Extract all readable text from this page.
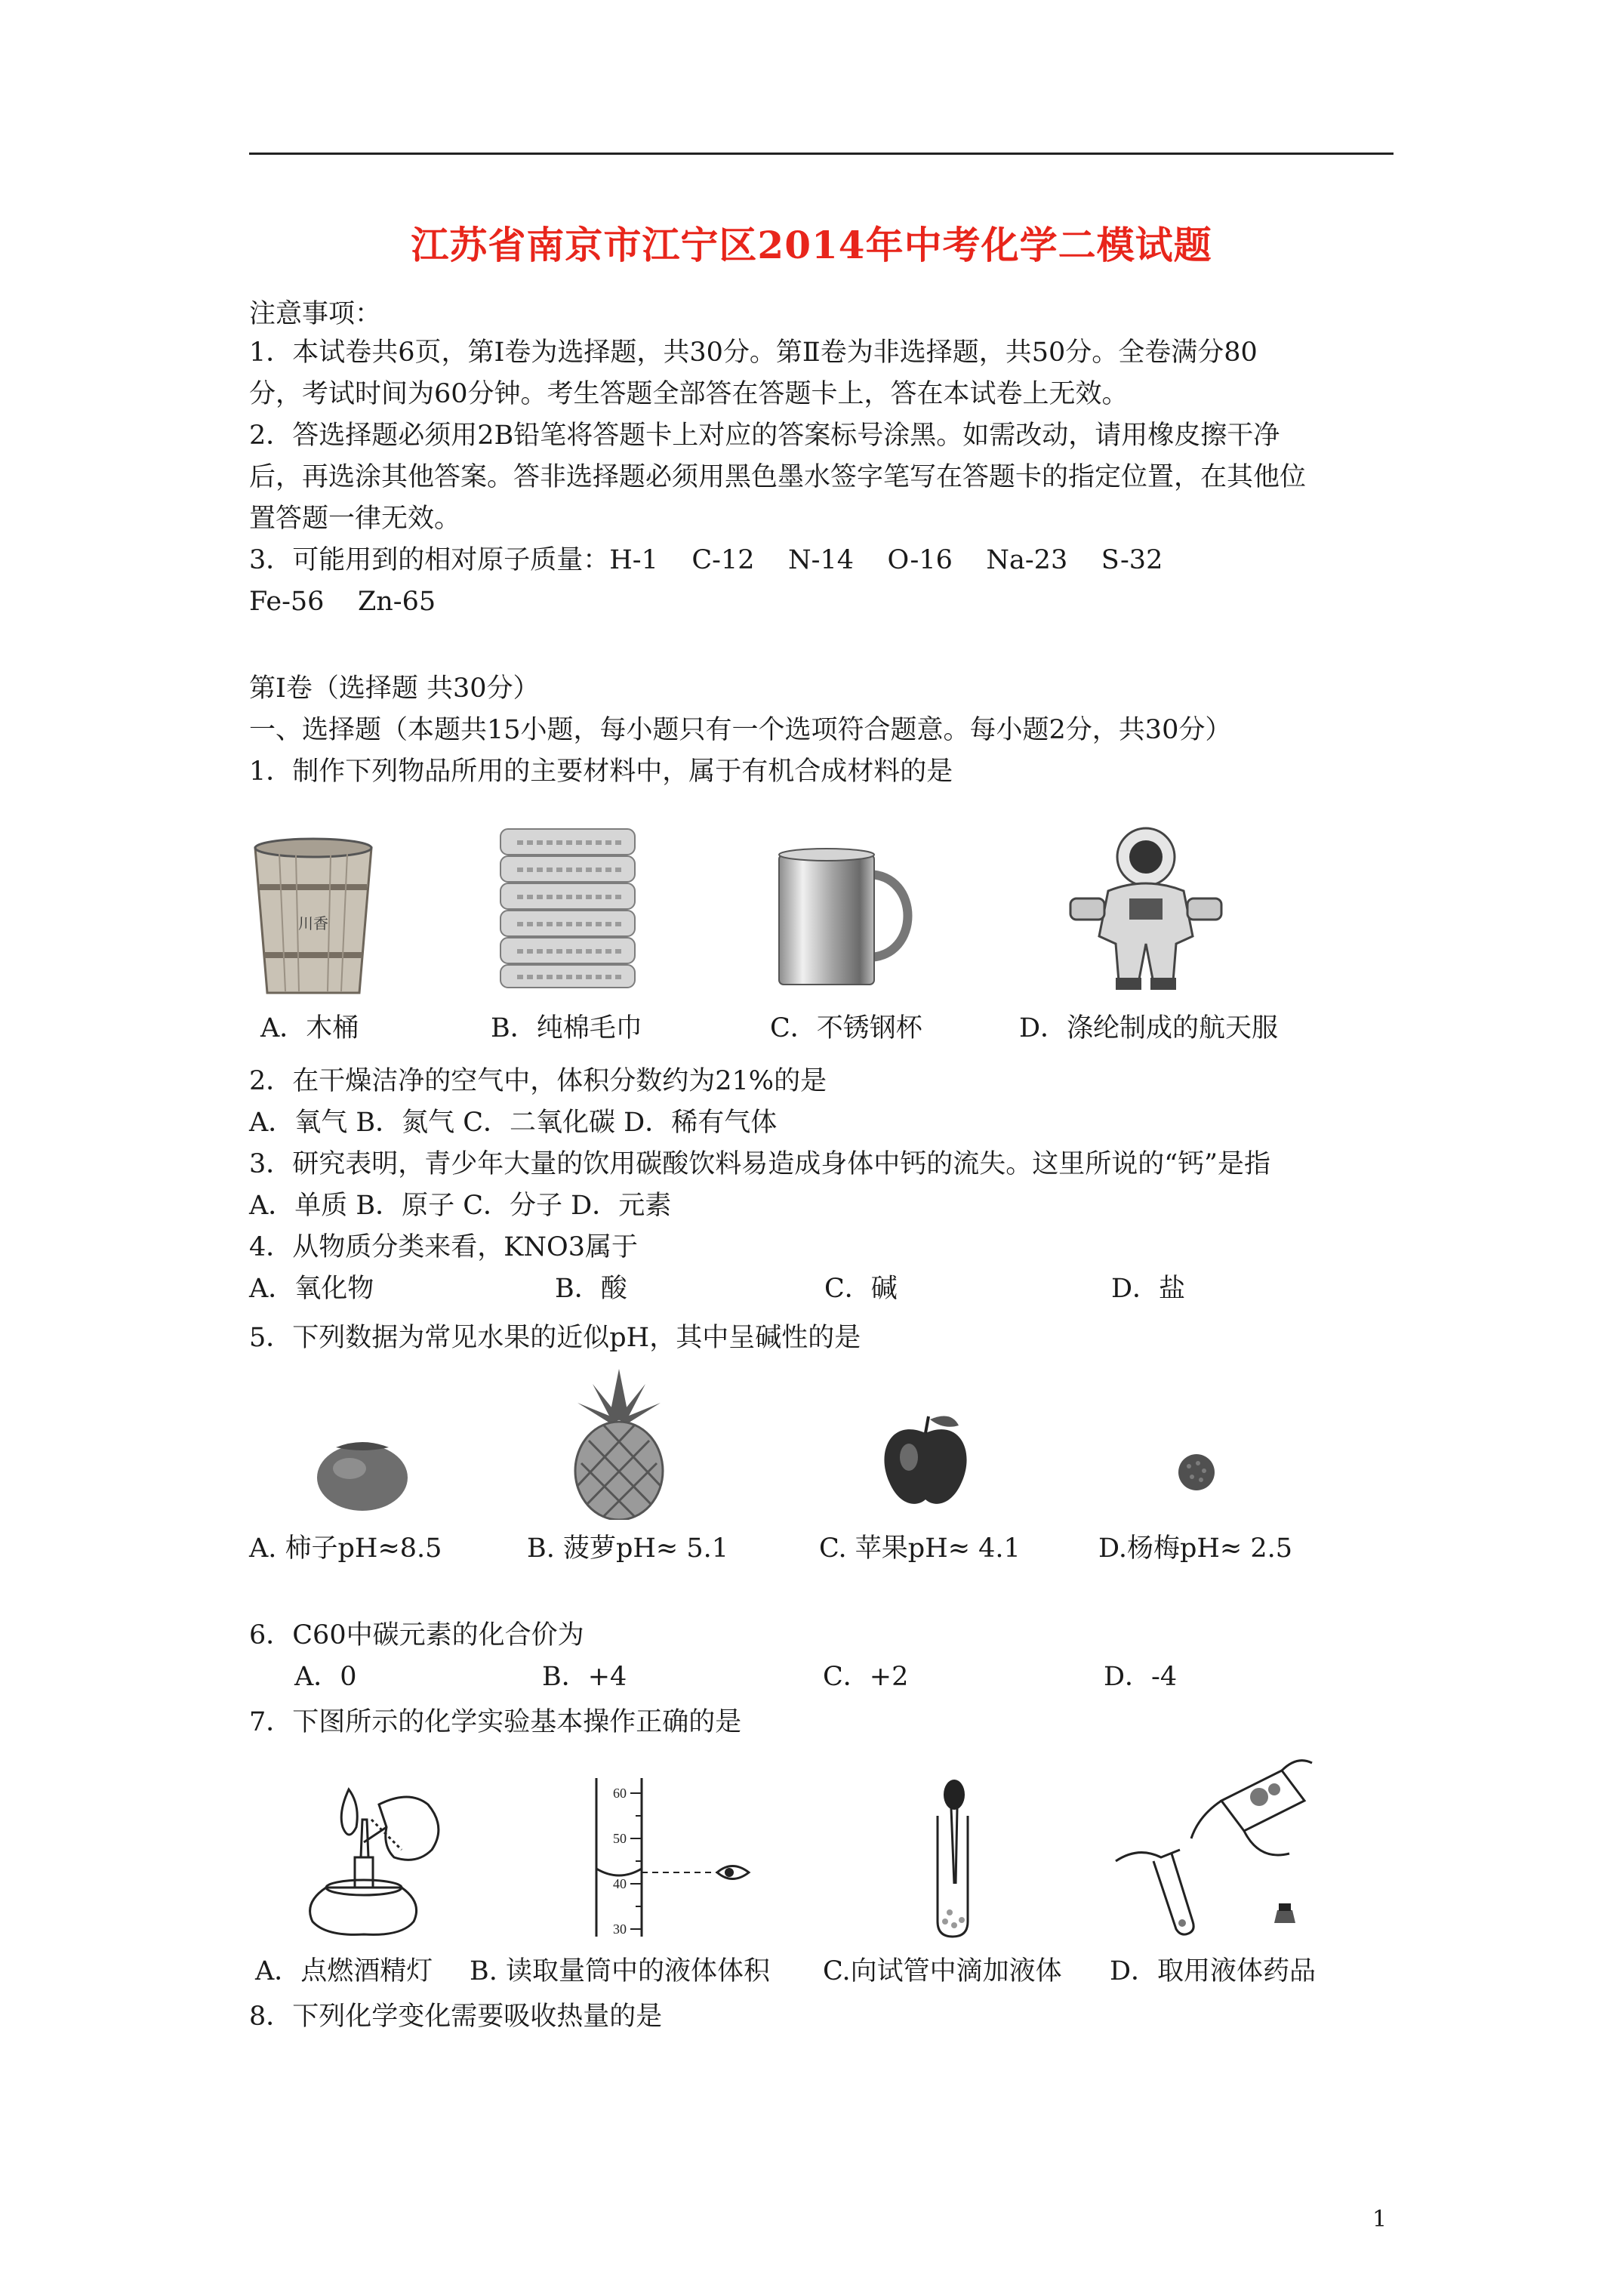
江苏省南京市江宁区2014年中考化学二模试题
注意事项：
1．本试卷共6页，第Ⅰ卷为选择题，共30分。第Ⅱ卷为非选择题，共50分。全卷满分80
分，考试时间为60分钟。考生答题全部答在答题卡上，答在本试卷上无效。
2．答选择题必须用2B铅笔将答题卡上对应的答案标号涂黑。如需改动，请用橡皮擦干净
后，再选涂其他答案。答非选择题必须用黑色墨水签字笔写在答题卡的指定位置，在其他位
置答题一律无效。
3．可能用到的相对原子质量：H-1    C-12    N-14    O-16    Na-23    S-32
Fe-56    Zn-65
第Ⅰ卷（选择题 共30分）
一、选择题（本题共15小题，每小题只有一个选项符合题意。每小题2分，共30分）
1．制作下列物品所用的主要材料中，属于有机合成材料的是
川香
A．木桶	B．纯棉毛巾	C．不锈钢杯	D．涤纶制成的航天服
2．在干燥洁净的空气中，体积分数约为21%的是
A．氧气 B．氮气 C．二氧化碳 D．稀有气体
3．研究表明，青少年大量的饮用碳酸饮料易造成身体中钙的流失。这里所说的“钙”是指
A．单质 B．原子 C．分子 D．元素
4．从物质分类来看，KNO3属于
A．氧化物	B．酸	C．碱	D．盐
5．下列数据为常见水果的近似pH，其中呈碱性的是
A. 柿子pH≈8.5	B. 菠萝pH≈ 5.1	C. 苹果pH≈ 4.1	D.杨梅pH≈ 2.5
6．C60中碳元素的化合价为
A．0	B．+4	C．+2	D．-4
7．下图所示的化学实验基本操作正确的是
60
50
40
30
A．点燃酒精灯 B. 读取量筒中的液体体积 C.向试管中滴加液体 D．取用液体药品
8．下列化学变化需要吸收热量的是
1
